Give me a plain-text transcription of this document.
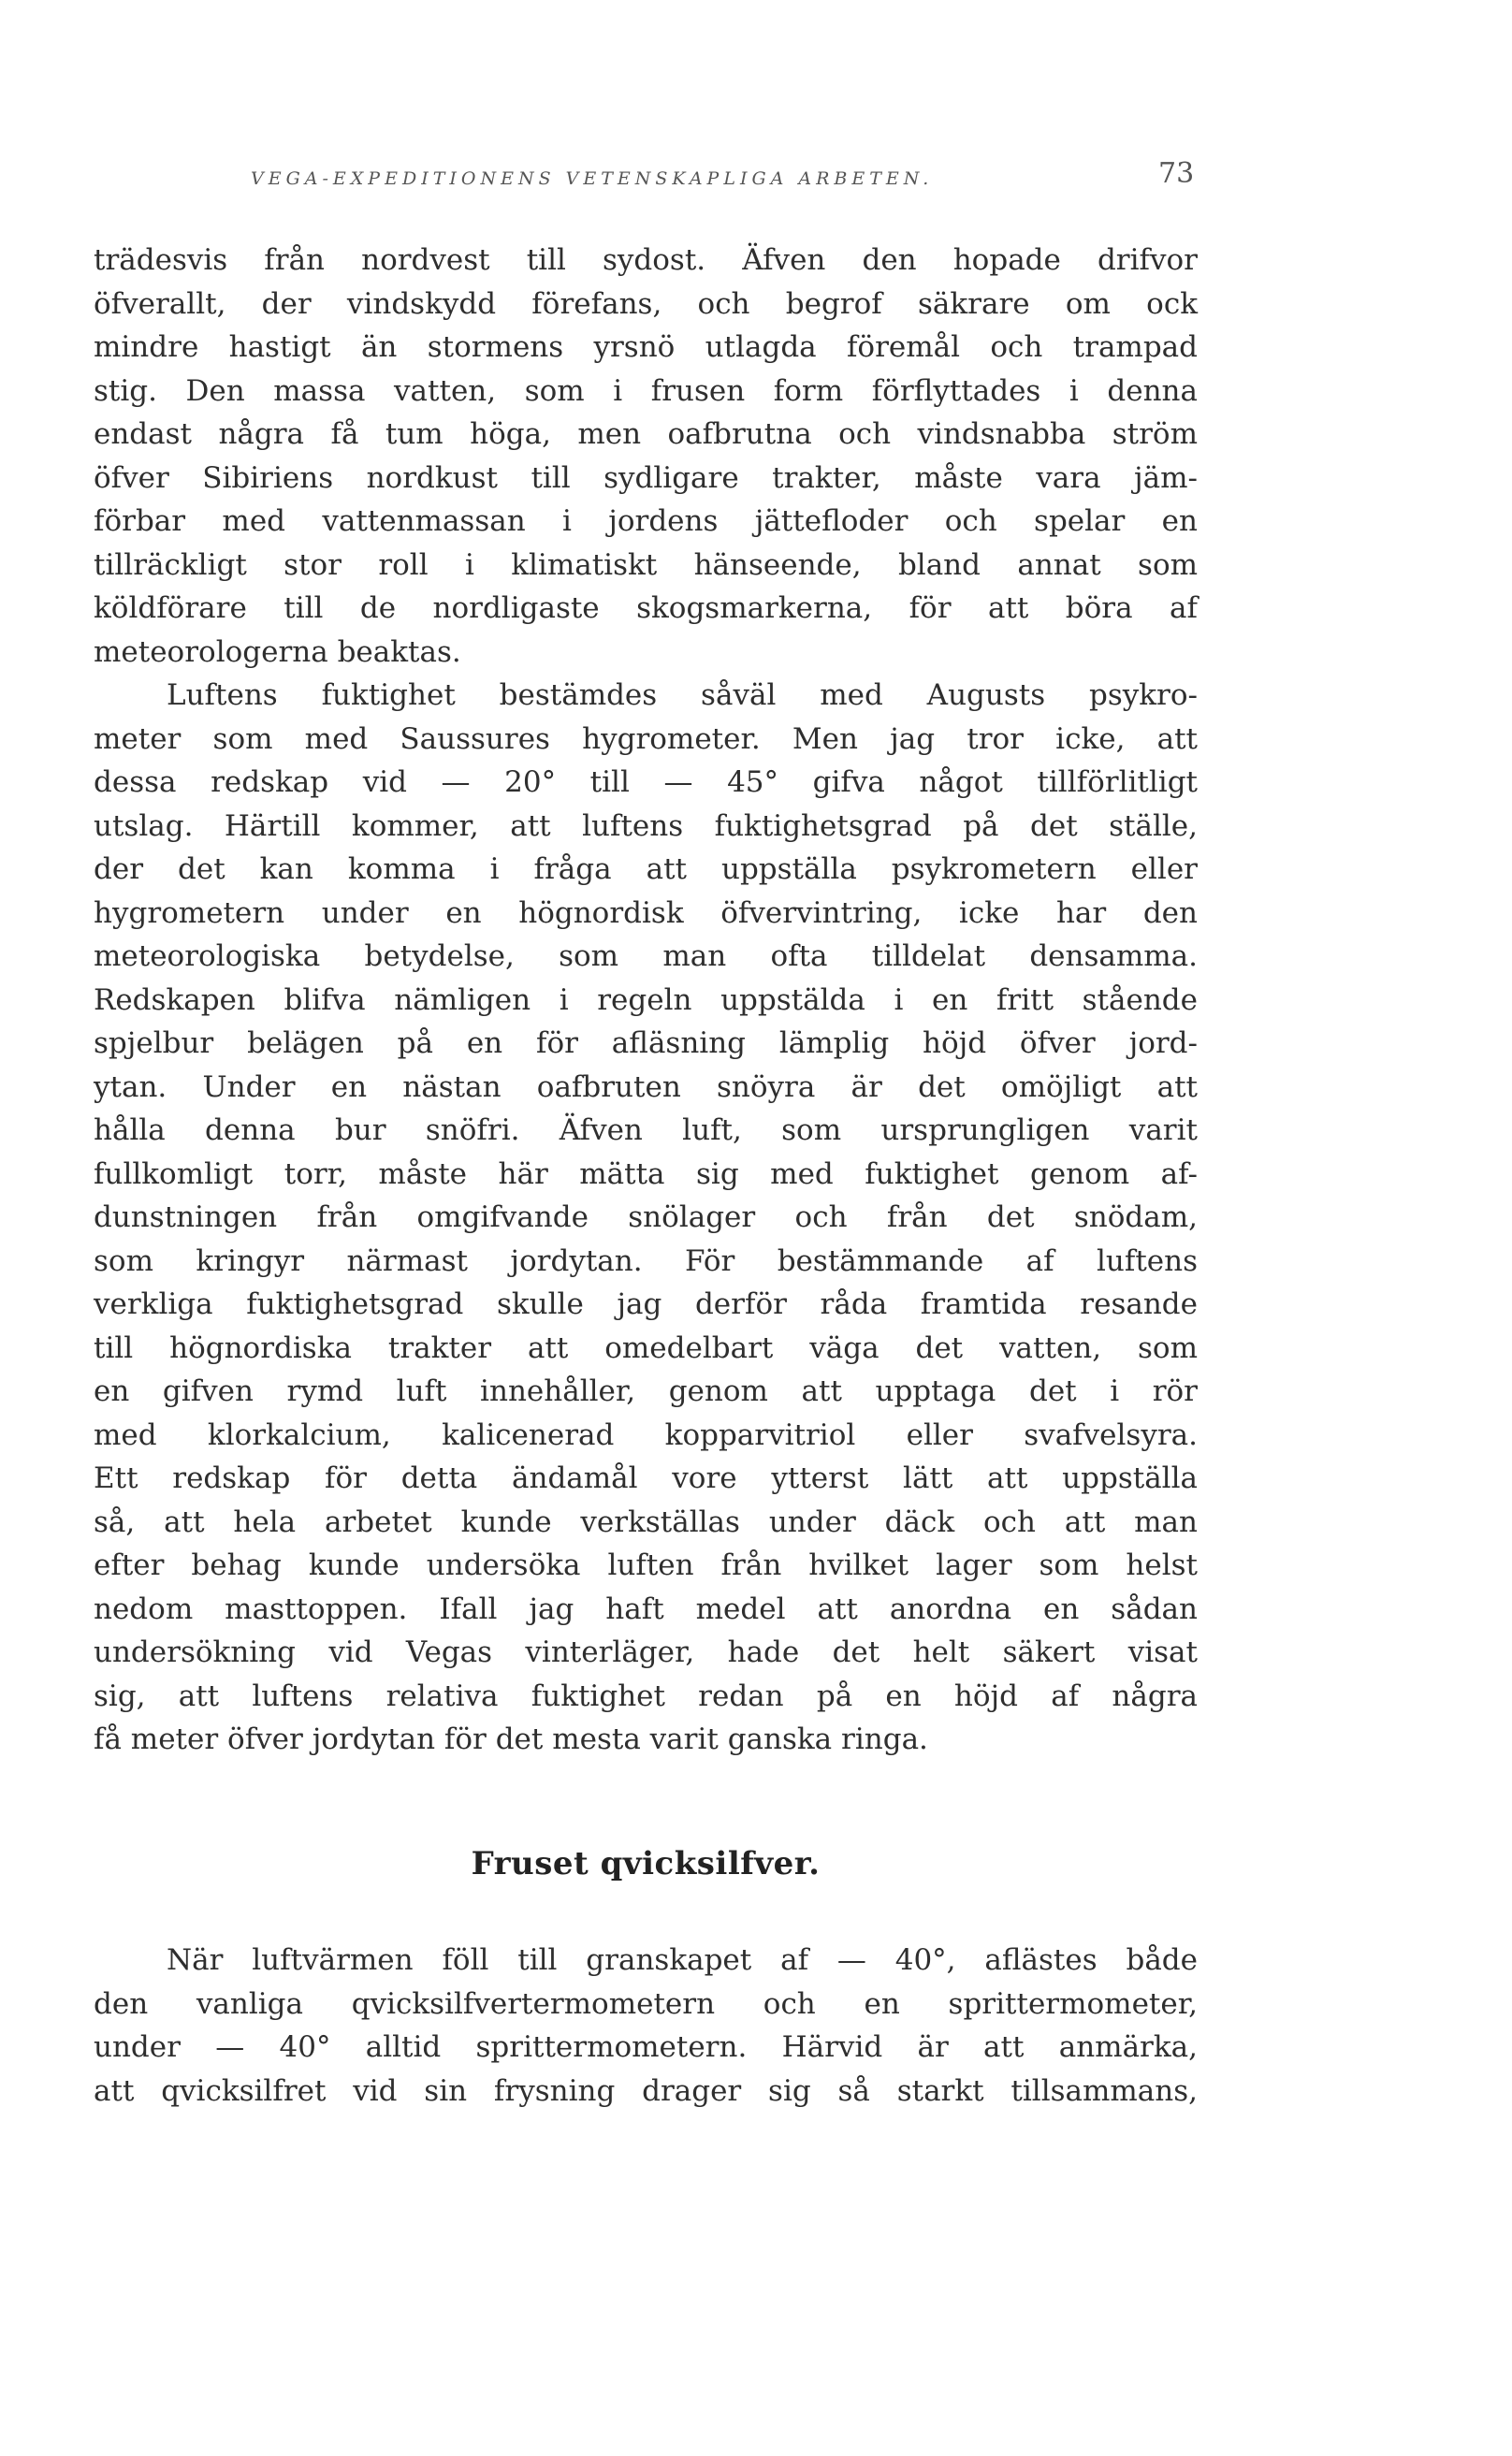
VEGA-EXPEDITIONENS VETENSKAPLIGA ARBETEN.	73
trädesvis från nordvest till sydost. Äfven den hopade drifvor
öfverallt, der vindskydd förefans, och begrof säkrare om ock
mindre hastigt än stormens yrsnö utlagda föremål och trampad
stig. Den massa vatten, som i frusen form förflyttades i denna
endast några få tum höga, men oafbrutna och vindsnabba ström
öfver Sibiriens nordkust till sydligare trakter, måste vara jäm-
förbar med vattenmassan i jordens jättefloder och spelar en
tillräckligt stor roll i klimatiskt hänseende, bland annat som
köldförare till de nordligaste skogsmarkerna, för att böra af
meteorologerna beaktas.
Luftens fuktighet bestämdes såväl med Augusts psykro-
meter som med Saussures hygrometer. Men jag tror icke, att
dessa redskap vid — 20° till — 45° gifva något tillförlitligt
utslag. Härtill kommer, att luftens fuktighetsgrad på det ställe,
der det kan komma i fråga att uppställa psykrometern eller
hygrometern under en högnordisk öfvervintring, icke har den
meteorologiska betydelse, som man ofta tilldelat densamma.
Redskapen blifva nämligen i regeln uppstälda i en fritt stående
spjelbur belägen på en för afläsning lämplig höjd öfver jord-
ytan. Under en nästan oafbruten snöyra är det omöjligt att
hålla denna bur snöfri. Äfven luft, som ursprungligen varit
fullkomligt torr, måste här mätta sig med fuktighet genom af-
dunstningen från omgifvande snölager och från det snödam,
som kringyr närmast jordytan. För bestämmande af luftens
verkliga fuktighetsgrad skulle jag derför råda framtida resande
till högnordiska trakter att omedelbart väga det vatten, som
en gifven rymd luft innehåller, genom att upptaga det i rör
med klorkalcium, kalicenerad kopparvitriol eller svafvelsyra.
Ett redskap för detta ändamål vore ytterst lätt att uppställa
så, att hela arbetet kunde verkställas under däck och att man
efter behag kunde undersöka luften från hvilket lager som helst
nedom masttoppen. Ifall jag haft medel att anordna en sådan
undersökning vid Vegas vinterläger, hade det helt säkert visat
sig, att luftens relativa fuktighet redan på en höjd af några
få meter öfver jordytan för det mesta varit ganska ringa.
Fruset qvicksilfver.
När luftvärmen föll till granskapet af — 40°, aflästes både
den vanliga qvicksilfvertermometern och en sprittermometer,
under — 40° alltid sprittermometern. Härvid är att anmärka,
att qvicksilfret vid sin frysning drager sig så starkt tillsammans,
